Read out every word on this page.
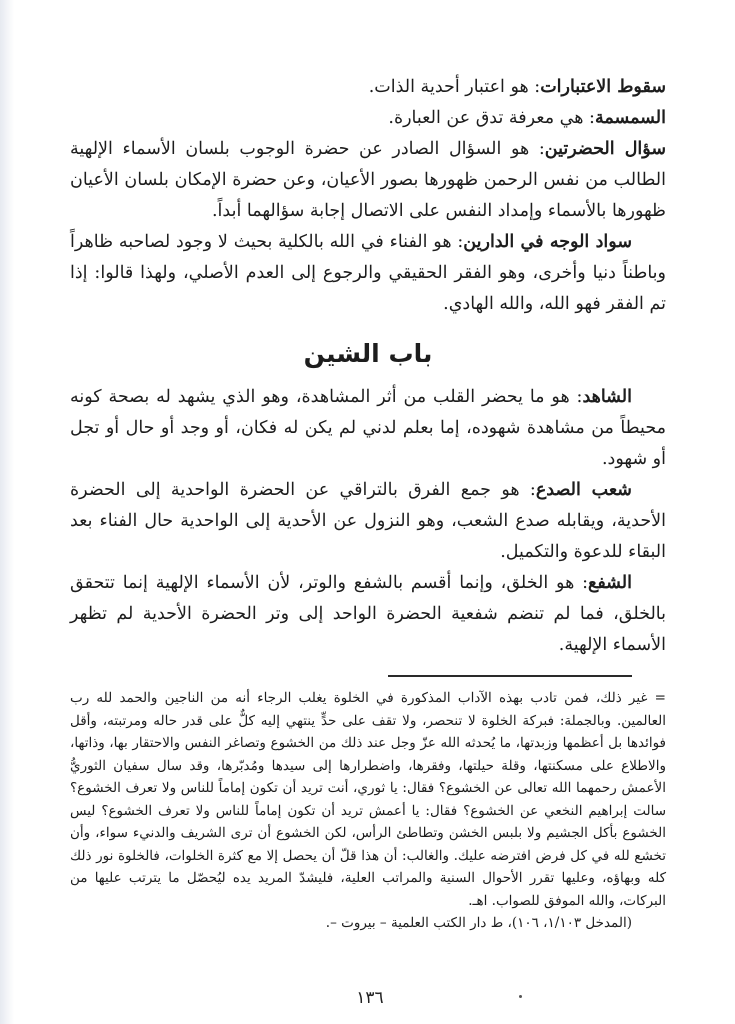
سقوط الاعتبارات: هو اعتبار أحدية الذات.

السمسمة: هي معرفة تدق عن العبارة.

سؤال الحضرتين: هو السؤال الصادر عن حضرة الوجوب بلسان الأسماء الإلهية الطالب من نفس الرحمن ظهورها بصور الأعيان، وعن حضرة الإمكان بلسان الأعيان ظهورها بالأسماء وإمداد النفس على الاتصال إجابة سؤالهما أبداً.

سواد الوجه في الدارين: هو الفناء في الله بالكلية بحيث لا وجود لصاحبه ظاهراً وباطناً دنيا وأخرى، وهو الفقر الحقيقي والرجوع إلى العدم الأصلي، ولهذا قالوا: إذا تم الفقر فهو الله، والله الهادي.

باب الشين

الشاهد: هو ما يحضر القلب من أثر المشاهدة، وهو الذي يشهد له بصحة كونه محيطاً من مشاهدة شهوده، إما بعلم لدني لم يكن له فكان، أو وجد أو حال أو تجل أو شهود.

شعب الصدع: هو جمع الفرق بالتراقي عن الحضرة الواحدية إلى الحضرة الأحدية، ويقابله صدع الشعب، وهو النزول عن الأحدية إلى الواحدية حال الفناء بعد البقاء للدعوة والتكميل.

الشفع: هو الخلق، وإنما أقسم بالشفع والوتر، لأن الأسماء الإلهية إنما تتحقق بالخلق، فما لم تنضم شفعية الحضرة الواحد إلى وتر الحضرة الأحدية لم تظهر الأسماء الإلهية.

= غير ذلك، فمن تادب بهذه الآداب المذكورة في الخلوة يغلب الرجاء أنه من الناجين والحمد لله رب العالمين. وبالجملة: فبركة الخلوة لا تنحصر، ولا تقف على حدٍّ ينتهي إليه كلٌّ على قدر حاله ومرتبته، وأقل فوائدها بل أعظمها وزبدتها، ما يُحدثه الله عزّ وجل عند ذلك من الخشوع وتصاغر النفس والاحتقار بها، وذاتها، والاطلاع على مسكنتها، وقلة حيلتها، وفقرها، واضطرارها إلى سيدها ومُدبّرها، وقد سال سفيان الثوريُّ الأعمش رحمهما الله تعالى عن الخشوع؟ فقال: يا ثوري، أنت تريد أن تكون إماماً للناس ولا تعرف الخشوع؟ سالت إبراهيم النخعي عن الخشوع؟ فقال: يا أعمش تريد أن تكون إماماً للناس ولا تعرف الخشوع؟ ليس الخشوع بأكل الجشيم ولا بلبس الخشن وتطاطئ الرأس، لكن الخشوع أن ترى الشريف والدنيء سواء، وأن تخشع لله في كل فرض افترضه عليك. والغالب: أن هذا قلّ أن يحصل إلا مع كثرة الخلوات، فالخلوة نور ذلك كله وبهاؤه، وعليها تقرر الأحوال السنية والمراتب العلية، فليشدّ المريد يده ليُحصّل ما يترتب عليها من البركات، والله الموفق للصواب. اهـ.

(المدخل ١/١٠٣، ١٠٦)، ط دار الكتب العلمية – بيروت –.

١٣٦
